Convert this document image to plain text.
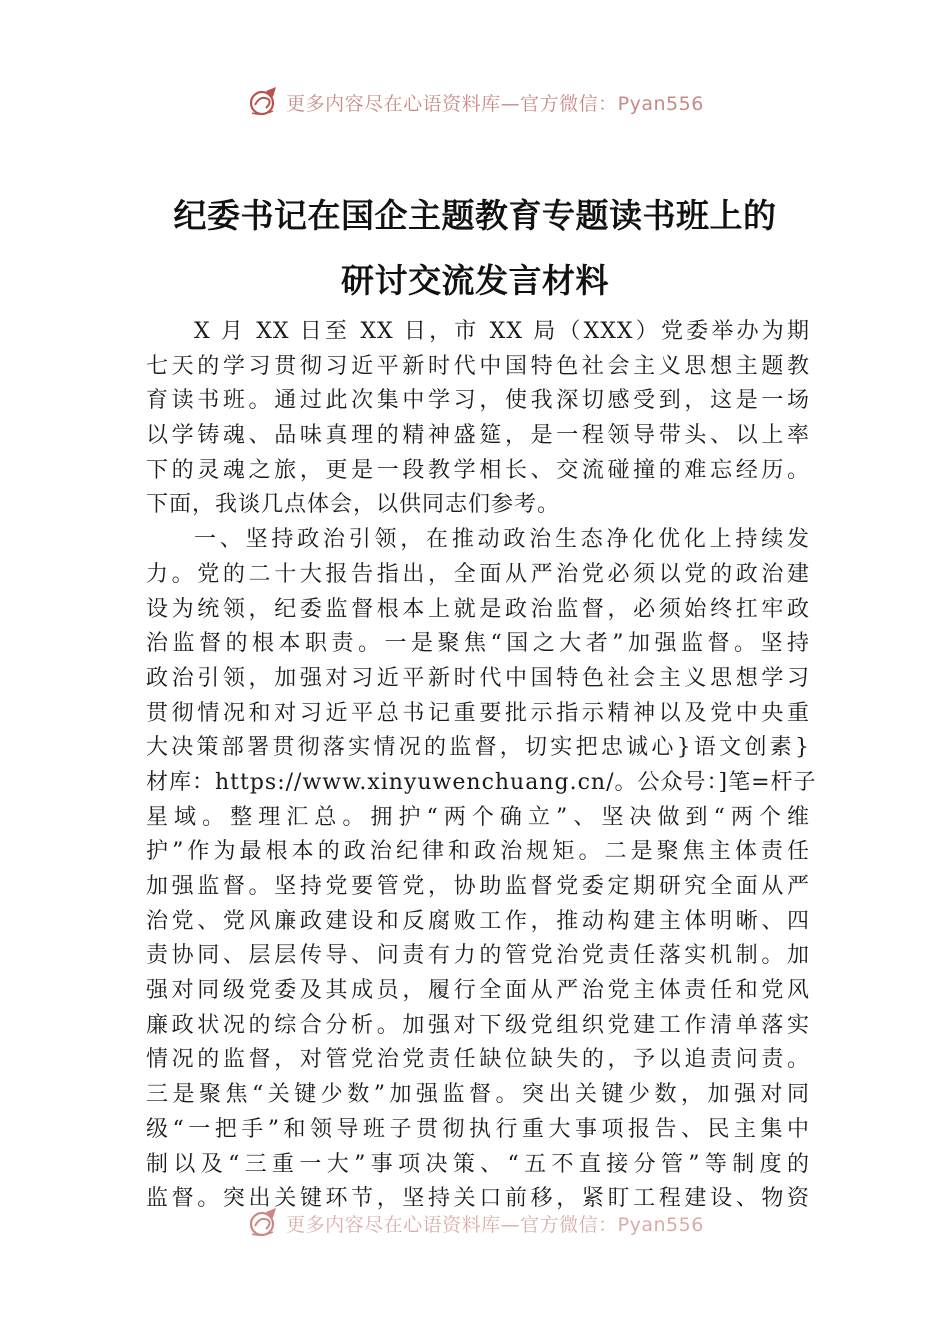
更多内容尽在心语资料库—官方微信：Pyan556
纪委书记在国企主题教育专题读书班上的
研讨交流发言材料
X 月 XX 日至 XX 日，市 XX 局（XXX）党委举办为期
七天的学习贯彻习近平新时代中国特色社会主义思想主题教
育读书班。通过此次集中学习，使我深切感受到，这是一场
以学铸魂、品味真理的精神盛筵，是一程领导带头、以上率
下的灵魂之旅，更是一段教学相长、交流碰撞的难忘经历。
下面，我谈几点体会，以供同志们参考。
一、坚持政治引领，在推动政治生态净化优化上持续发
力。党的二十大报告指出，全面从严治党必须以党的政治建
设为统领，纪委监督根本上就是政治监督，必须始终扛牢政
治监督的根本职责。一是聚焦“国之大者”加强监督。坚持
政治引领，加强对习近平新时代中国特色社会主义思想学习
贯彻情况和对习近平总书记重要批示指示精神以及党中央重
大决策部署贯彻落实情况的监督，切实把忠诚心}语文创素}
材库：https://www.xinyuwenchuang.cn/。公众号：]笔=杆子
星域。整理汇总。拥护“两个确立”、坚决做到“两个维
护”作为最根本的政治纪律和政治规矩。二是聚焦主体责任
加强监督。坚持党要管党，协助监督党委定期研究全面从严
治党、党风廉政建设和反腐败工作，推动构建主体明晰、四
责协同、层层传导、问责有力的管党治党责任落实机制。加
强对同级党委及其成员，履行全面从严治党主体责任和党风
廉政状况的综合分析。加强对下级党组织党建工作清单落实
情况的监督，对管党治党责任缺位缺失的，予以追责问责。
三是聚焦“关键少数”加强监督。突出关键少数，加强对同
级“一把手”和领导班子贯彻执行重大事项报告、民主集中
制以及“三重一大”事项决策、“五不直接分管”等制度的
监督。突出关键环节，坚持关口前移，紧盯工程建设、物资
更多内容尽在心语资料库—官方微信：Pyan556
